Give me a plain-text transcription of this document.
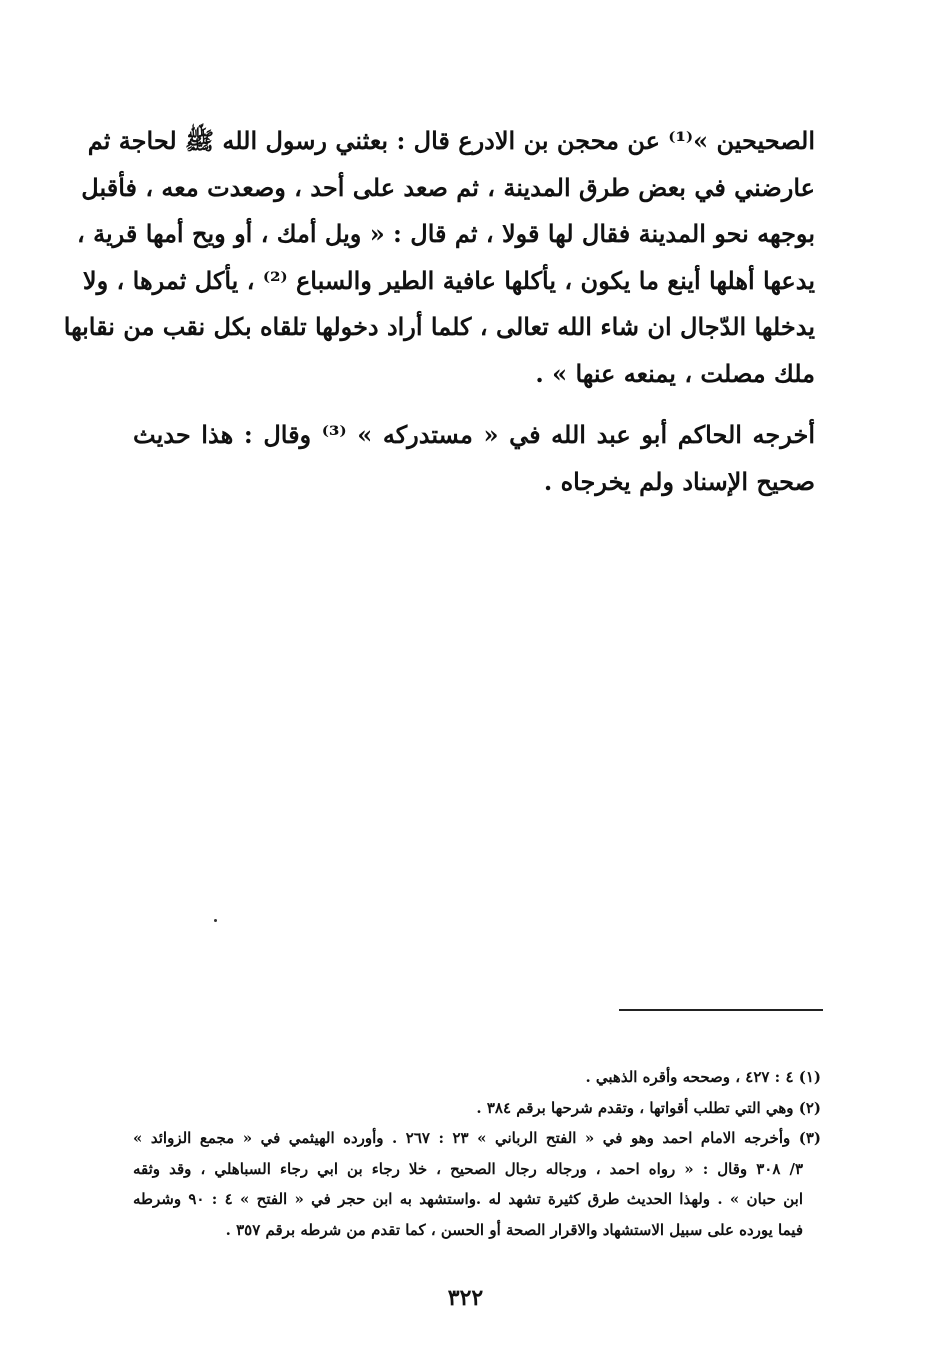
الصحيحين »⁽¹⁾ عن محجن بن الادرع قال : بعثني رسول الله ﷺ لحاجة ثم
عارضني في بعض طرق المدينة ، ثم صعد على أحد ، وصعدت معه ، فأقبل
بوجهه نحو المدينة فقال لها قولا ، ثم قال : « ويل أمك ، أو ويح أمها قرية ،
يدعها أهلها أينع ما يكون ، يأكلها عافية الطير والسباع ⁽²⁾ ، يأكل ثمرها ، ولا
يدخلها الدّجال ان شاء الله تعالى ، كلما أراد دخولها تلقاه بكل نقب من نقابها
ملك مصلت ، يمنعه عنها » .
أخرجه الحاكم أبو عبد الله في « مستدركه » ⁽³⁾ وقال : هذا حديث
صحيح الإسناد ولم يخرجاه .
(١) ٤ : ٤٢٧ ، وصححه وأقره الذهبي .
(٢) وهي التي تطلب أقواتها ، وتقدم شرحها برقم ٣٨٤ .
(٣) وأخرجه الامام احمد وهو في « الفتح الرباني » ٢٣ : ٢٦٧ . وأورده الهيثمي في « مجمع الزوائد »
٣/ ٣٠٨ وقال : « رواه احمد ، ورجاله رجال الصحيح ، خلا رجاء بن ابي رجاء السباهلي ، وقد وثقه
ابن حبان » . ولهذا الحديث طرق كثيرة تشهد له .واستشهد به ابن حجر في « الفتح » ٤ : ٩٠ وشرطه
فيما يورده على سبيل الاستشهاد والاقرار الصحة أو الحسن ، كما تقدم من شرطه برقم ٣٥٧ .
٣٢٢
